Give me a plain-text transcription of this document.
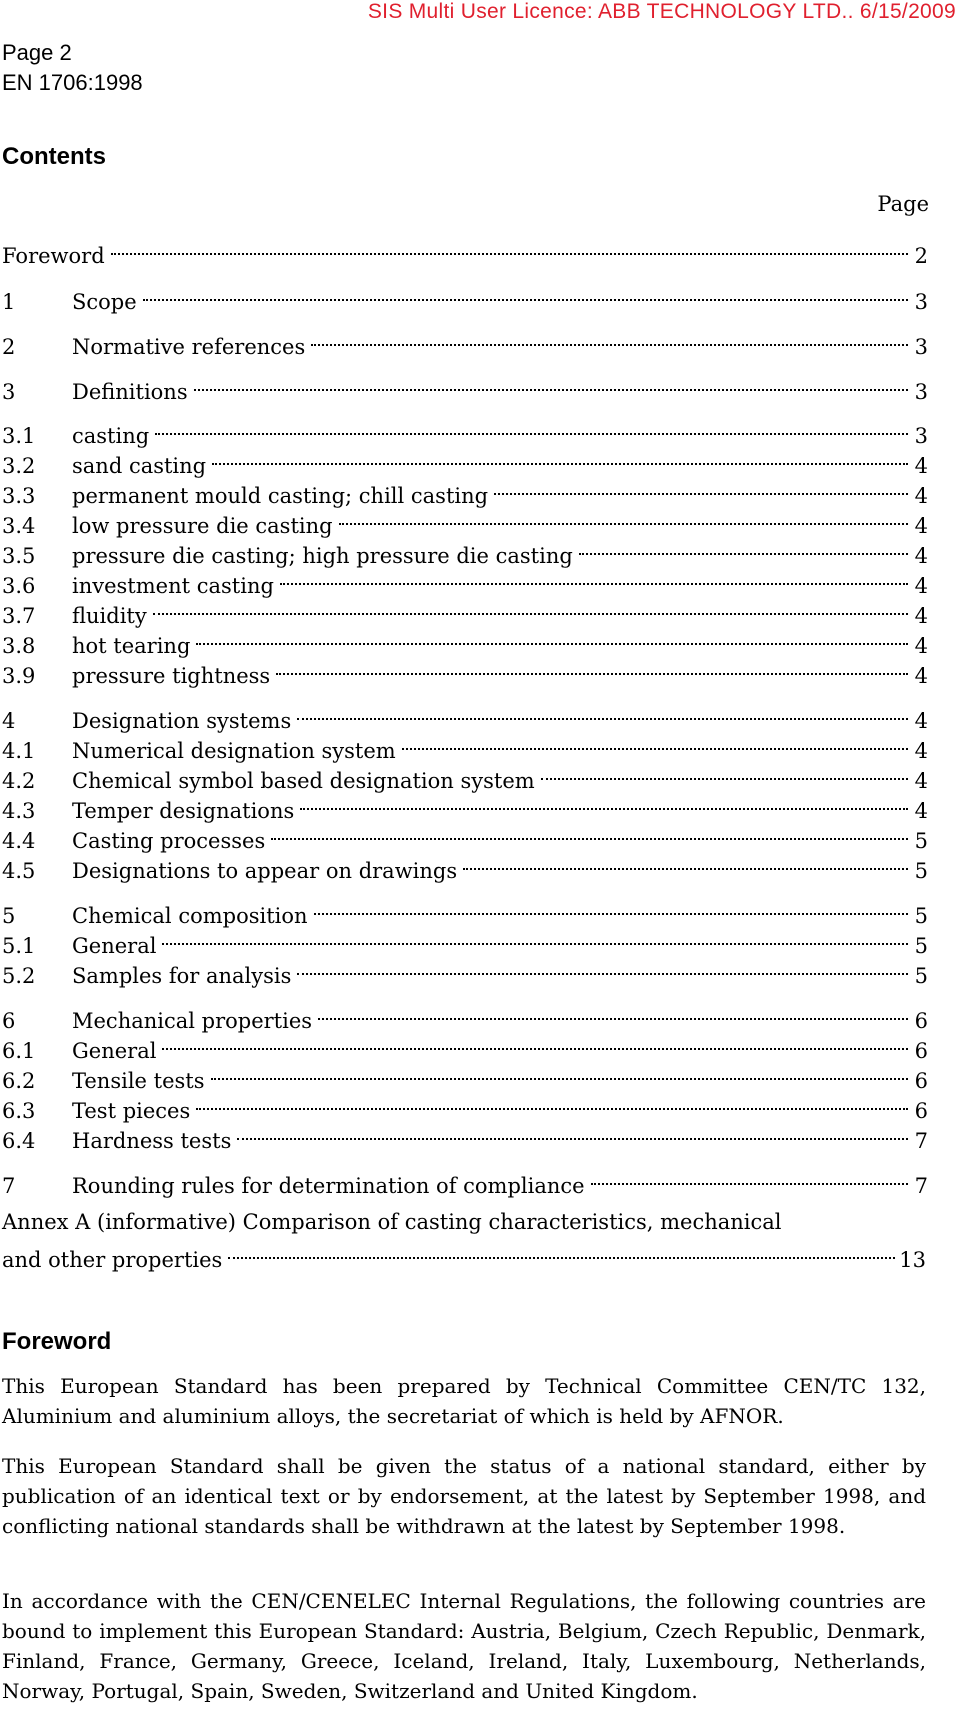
SIS Multi User Licence: ABB TECHNOLOGY LTD.. 6/15/2009
Page 2
EN 1706:1998
Contents
Page
Foreword	2
1	Scope	3
2	Normative references	3
3	Definitions	3
3.1	casting	3
3.2	sand casting	4
3.3	permanent mould casting; chill casting	4
3.4	low pressure die casting	4
3.5	pressure die casting; high pressure die casting	4
3.6	investment casting	4
3.7	fluidity	4
3.8	hot tearing	4
3.9	pressure tightness	4
4	Designation systems	4
4.1	Numerical designation system	4
4.2	Chemical symbol based designation system	4
4.3	Temper designations	4
4.4	Casting processes	5
4.5	Designations to appear on drawings	5
5	Chemical composition	5
5.1	General	5
5.2	Samples for analysis	5
6	Mechanical properties	6
6.1	General	6
6.2	Tensile tests	6
6.3	Test pieces	6
6.4	Hardness tests	7
7	Rounding rules for determination of compliance	7
Annex A (informative) Comparison of casting characteristics, mechanical
and other properties	13
Foreword

This European Standard has been prepared by Technical Committee CEN/TC 132, Aluminium and aluminium alloys, the secretariat of which is held by AFNOR.

This European Standard shall be given the status of a national standard, either by publication of an identical text or by endorsement, at the latest by September 1998, and conflicting national standards shall be withdrawn at the latest by September 1998.

In accordance with the CEN/CENELEC Internal Regulations, the following countries are bound to implement this European Standard: Austria, Belgium, Czech Republic, Denmark, Finland, France, Germany, Greece, Iceland, Ireland, Italy, Luxembourg, Netherlands, Norway, Portugal, Spain, Sweden, Switzerland and United Kingdom.
